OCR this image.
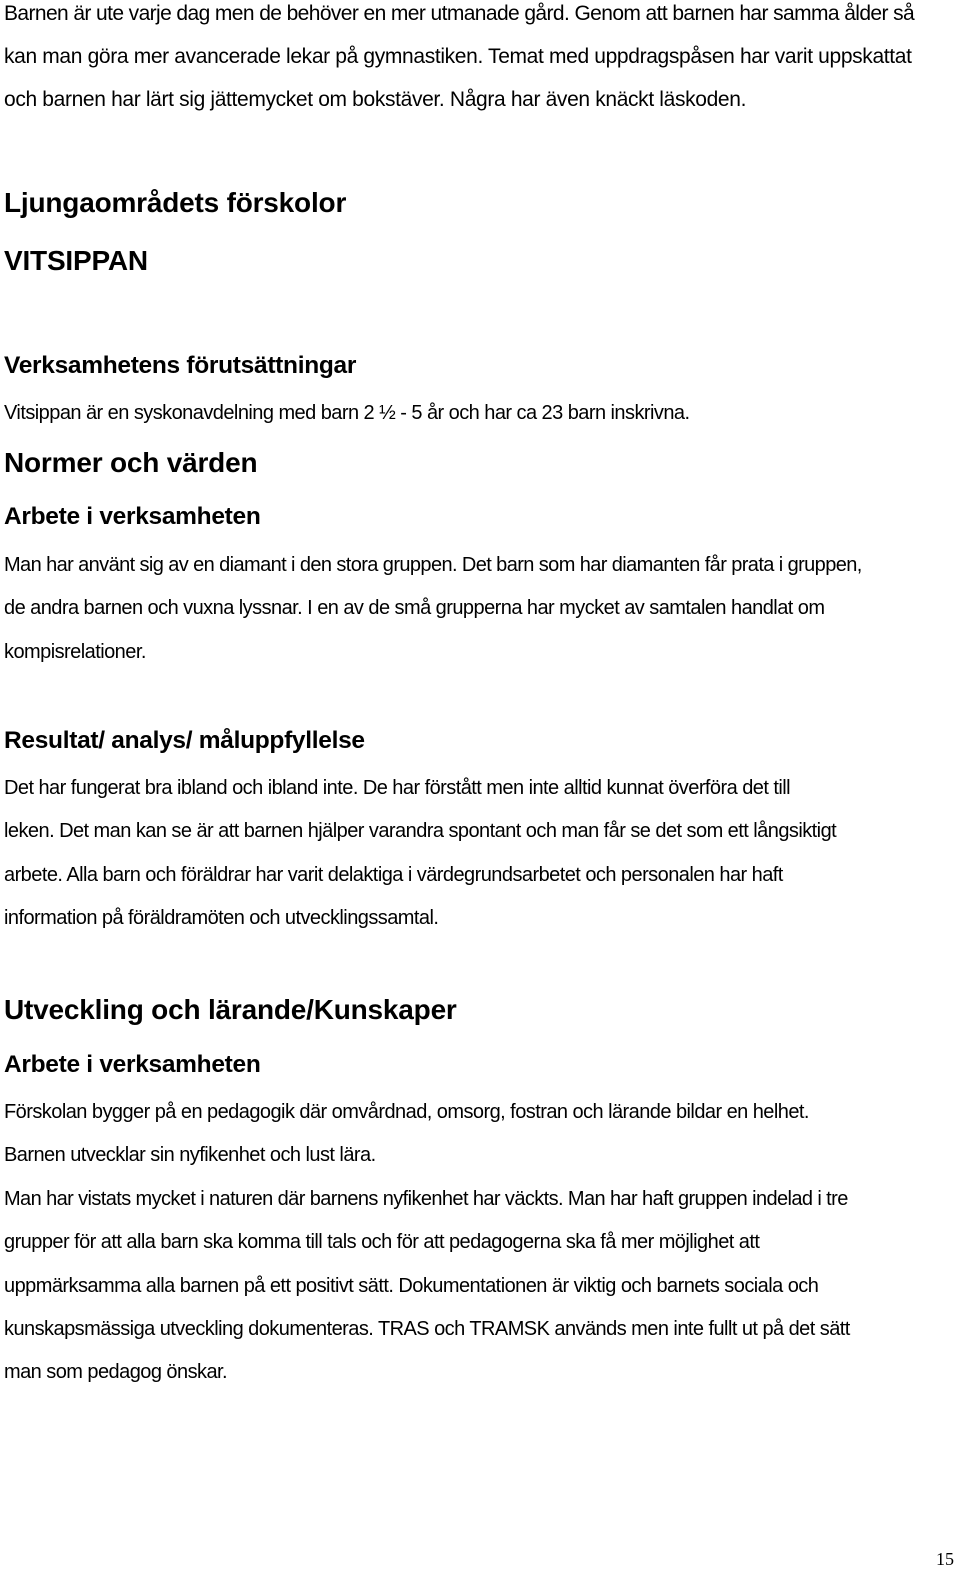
Barnen är ute varje dag men de behöver en mer utmanade gård. Genom att barnen har samma ålder så
kan man göra mer avancerade lekar på gymnastiken. Temat med uppdragspåsen har varit uppskattat
och barnen har lärt sig jättemycket om bokstäver. Några har även knäckt läskoden.
Ljungaområdets förskolor
VITSIPPAN
Verksamhetens förutsättningar
Vitsippan är en syskonavdelning med barn 2 ½ - 5 år och har ca 23 barn inskrivna.
Normer och värden
Arbete i verksamheten
Man har använt sig av en diamant i den stora gruppen. Det barn som har diamanten får prata i gruppen,
de andra barnen och vuxna lyssnar. I en av de små grupperna har mycket av samtalen handlat om
kompisrelationer.
Resultat/ analys/ måluppfyllelse
Det har fungerat bra ibland och ibland inte. De har förstått men inte alltid kunnat överföra det till
leken. Det man kan se är att barnen hjälper varandra spontant och man får se det som ett långsiktigt
arbete. Alla barn och föräldrar har varit delaktiga i värdegrundsarbetet och personalen har haft
information på föräldramöten och utvecklingssamtal.
Utveckling och lärande/Kunskaper
Arbete i verksamheten
Förskolan bygger på en pedagogik där omvårdnad, omsorg, fostran och lärande bildar en helhet.
Barnen utvecklar sin nyfikenhet och lust lära.
Man har vistats mycket i naturen där barnens nyfikenhet har väckts. Man har haft gruppen indelad i tre
grupper för att alla barn ska komma till tals och för att pedagogerna ska få mer möjlighet att
uppmärksamma alla barnen på ett positivt sätt. Dokumentationen är viktig och barnets sociala och
kunskapsmässiga utveckling dokumenteras. TRAS och TRAMSK används men inte fullt ut på det sätt
man som pedagog önskar.
15
